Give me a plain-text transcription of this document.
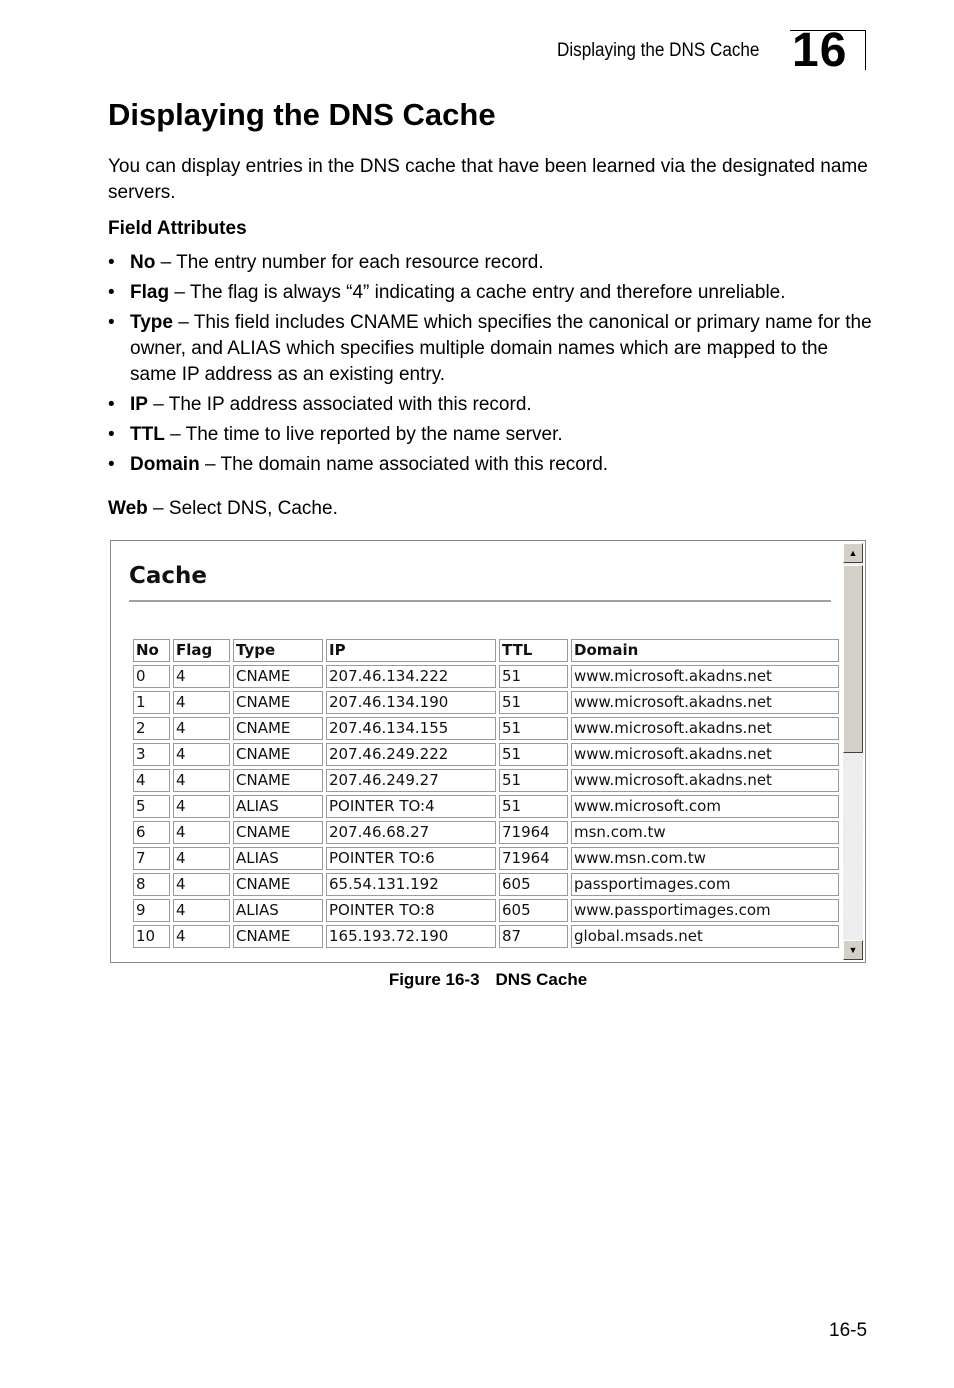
Displaying the DNS Cache 16
Displaying the DNS Cache

You can display entries in the DNS cache that have been learned via the designated name servers.

Field Attributes

• No – The entry number for each resource record.
• Flag – The flag is always “4” indicating a cache entry and therefore unreliable.
• Type – This field includes CNAME which specifies the canonical or primary name for the owner, and ALIAS which specifies multiple domain names which are mapped to the same IP address as an existing entry.
• IP – The IP address associated with this record.
• TTL – The time to live reported by the name server.
• Domain – The domain name associated with this record.

Web – Select DNS, Cache.

Cache
No	Flag	Type	IP	TTL	Domain
0	4	CNAME	207.46.134.222	51	www.microsoft.akadns.net
1	4	CNAME	207.46.134.190	51	www.microsoft.akadns.net
2	4	CNAME	207.46.134.155	51	www.microsoft.akadns.net
3	4	CNAME	207.46.249.222	51	www.microsoft.akadns.net
4	4	CNAME	207.46.249.27	51	www.microsoft.akadns.net
5	4	ALIAS	POINTER TO:4	51	www.microsoft.com
6	4	CNAME	207.46.68.27	71964	msn.com.tw
7	4	ALIAS	POINTER TO:6	71964	www.msn.com.tw
8	4	CNAME	65.54.131.192	605	passportimages.com
9	4	ALIAS	POINTER TO:8	605	www.passportimages.com
10	4	CNAME	165.193.72.190	87	global.msads.net
▲
▼
Figure 16-3 DNS Cache
16-5
